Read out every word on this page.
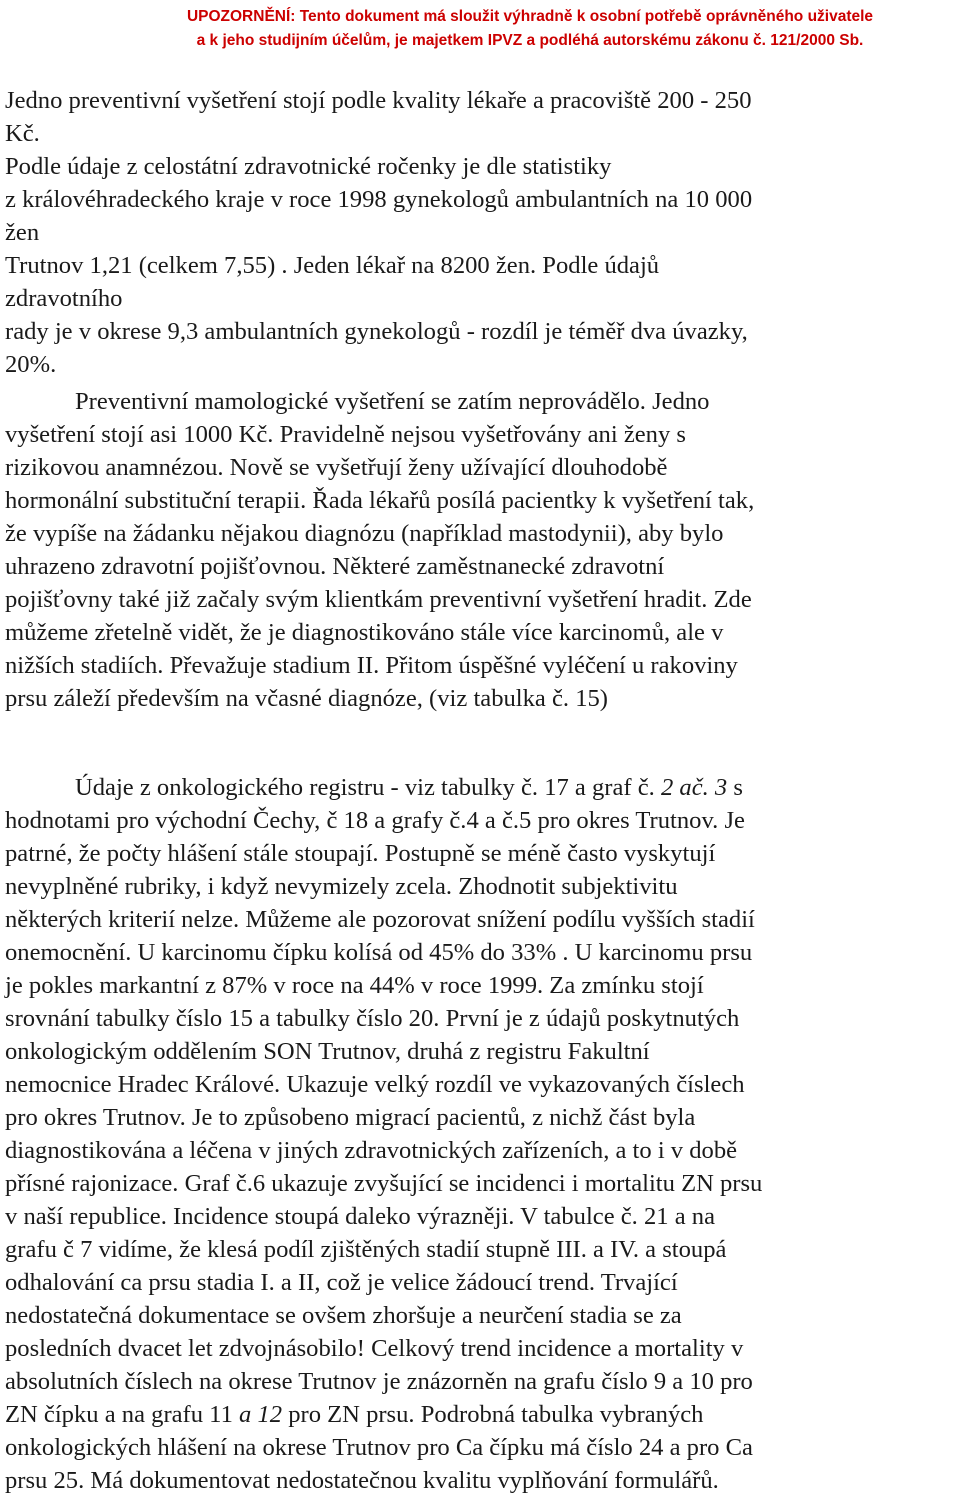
UPOZORNĚNÍ: Tento dokument má sloužit výhradně k osobní potřebě oprávněného uživatele
a k jeho studijním účelům, je majetkem IPVZ a podléhá autorskému zákonu č. 121/2000 Sb.
Jedno preventivní vyšetření stojí podle kvality lékaře a pracoviště 200 - 250
Kč.
Podle údaje z celostátní zdravotnické ročenky je dle statistiky
z královéhradeckého kraje v roce 1998 gynekologů ambulantních na 10 000
žen
Trutnov 1,21 (celkem 7,55) . Jeden lékař na 8200 žen. Podle údajů
zdravotního
rady je v okrese 9,3 ambulantních gynekologů - rozdíl je téměř dva úvazky,
20%.
Preventivní mamologické vyšetření se zatím neprovádělo. Jedno
vyšetření stojí asi 1000 Kč. Pravidelně nejsou vyšetřovány ani ženy s
rizikovou anamnézou. Nově se vyšetřují ženy užívající dlouhodobě
hormonální substituční terapii. Řada lékařů posílá pacientky k vyšetření tak,
že vypíše na žádanku nějakou diagnózu (například mastodynii), aby bylo
uhrazeno zdravotní pojišťovnou. Některé zaměstnanecké zdravotní
pojišťovny také již začaly svým klientkám preventivní vyšetření hradit. Zde
můžeme zřetelně vidět, že je diagnostikováno stále více karcinomů, ale v
nižších stadiích. Převažuje stadium II. Přitom úspěšné vyléčení u rakoviny
prsu záleží především na včasné diagnóze, (viz tabulka č. 15)
Údaje z onkologického registru - viz tabulky č. 17 a graf č. 2 ač. 3 s
hodnotami pro východní Čechy, č 18 a grafy č.4 a č.5 pro okres Trutnov. Je
patrné, že počty hlášení stále stoupají. Postupně se méně často vyskytují
nevyplněné rubriky, i když nevymizely zcela. Zhodnotit subjektivitu
některých kriterií nelze. Můžeme ale pozorovat snížení podílu vyšších stadií
onemocnění. U karcinomu čípku kolísá od 45% do 33% . U karcinomu prsu
je pokles markantní z 87% v roce na 44% v roce 1999. Za zmínku stojí
srovnání tabulky číslo 15 a tabulky číslo 20. První je z údajů poskytnutých
onkologickým oddělením SON Trutnov, druhá z registru Fakultní
nemocnice Hradec Králové. Ukazuje velký rozdíl ve vykazovaných číslech
pro okres Trutnov. Je to způsobeno migrací pacientů, z nichž část byla
diagnostikována a léčena v jiných zdravotnických zařízeních, a to i v době
přísné rajonizace. Graf č.6 ukazuje zvyšující se incidenci i mortalitu ZN prsu
v naší republice. Incidence stoupá daleko výrazněji. V tabulce č. 21 a na
grafu č 7 vidíme, že klesá podíl zjištěných stadií stupně III. a IV. a stoupá
odhalování ca prsu stadia I. a II, což je velice žádoucí trend. Trvající
nedostatečná dokumentace se ovšem zhoršuje a neurčení stadia se za
posledních dvacet let zdvojnásobilo! Celkový trend incidence a mortality v
absolutních číslech na okrese Trutnov je znázorněn na grafu číslo 9 a 10 pro
ZN čípku a na grafu 11 a 12 pro ZN prsu. Podrobná tabulka vybraných
onkologických hlášení na okrese Trutnov pro Ca čípku má číslo 24 a pro Ca
prsu 25. Má dokumentovat nedostatečnou kvalitu vyplňování formulářů.
